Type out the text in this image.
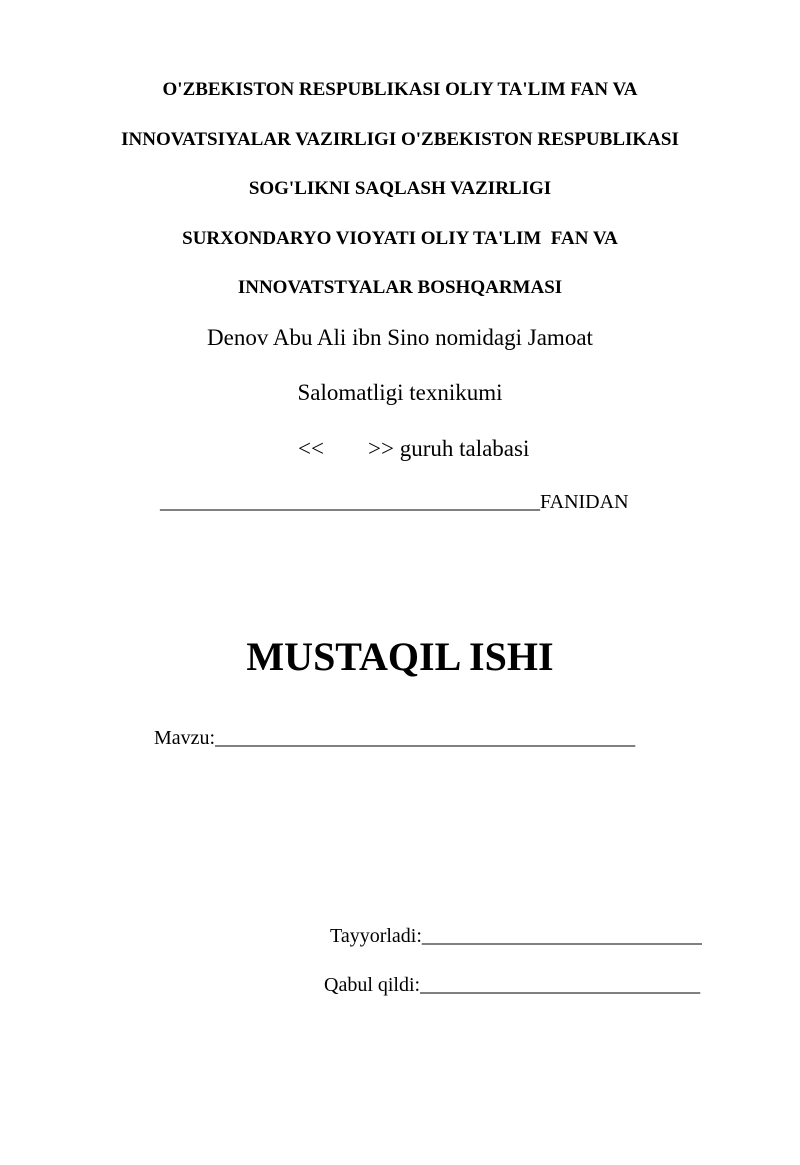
O'ZBEKISTON RESPUBLIKASI OLIY TA'LIM FAN VA
INNOVATSIYALAR VAZIRLIGI O'ZBEKISTON RESPUBLIKASI
SOG'LIKNI SAQLASH VAZIRLIGI
SURXONDARYO VIOYATI OLIY TA'LIM  FAN VA
INNOVATSTYALAR BOSHQARMASI
Denov Abu Ali ibn Sino nomidagi Jamoat
Salomatligi texnikumi
<< >> guruh talabasi
______________________________________FANIDAN
MUSTAQIL ISHI
Mavzu:__________________________________________
Tayyorladi:____________________________
Qabul qildi:____________________________
